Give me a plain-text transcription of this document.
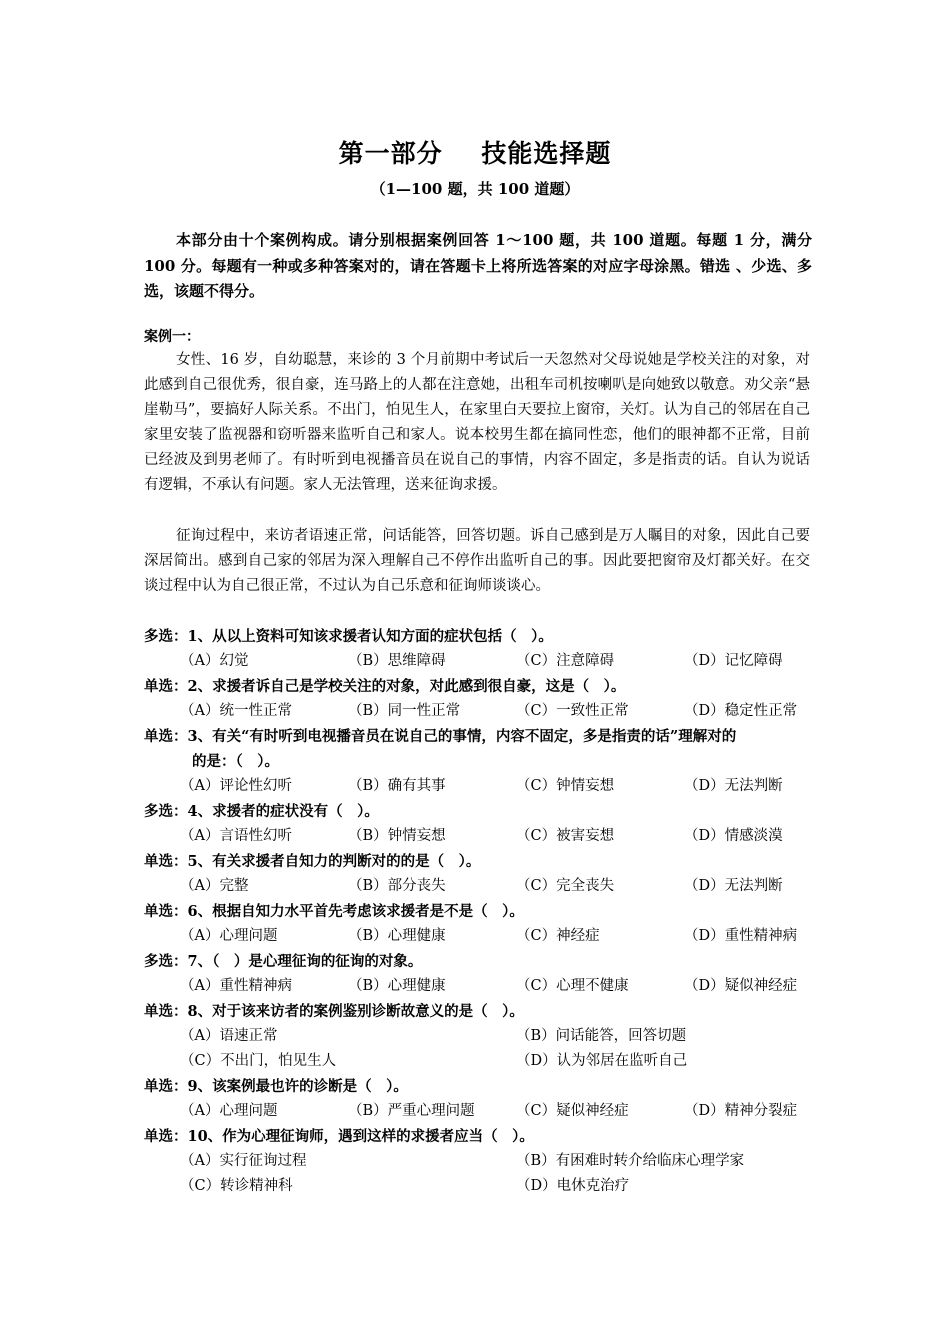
第一部分    技能选择题
（1—100 题，共 100 道题）
本部分由十个案例构成。请分别根据案例回答 1～100 题，共 100 道题。每题 1 分，满分 100 分。每题有一种或多种答案对的，请在答题卡上将所选答案的对应字母涂黑。错选 、少选、多选，该题不得分。
案例一：
女性、16 岁，自幼聪慧，来诊的 3 个月前期中考试后一天忽然对父母说她是学校关注的对象，对此感到自己很优秀，很自豪，连马路上的人都在注意她，出租车司机按喇叭是向她致以敬意。劝父亲“悬崖勒马”，要搞好人际关系。不出门，怕见生人，在家里白天要拉上窗帘，关灯。认为自己的邻居在自己家里安装了监视器和窃听器来监听自己和家人。说本校男生都在搞同性恋，他们的眼神都不正常，目前已经波及到男老师了。有时听到电视播音员在说自己的事情，内容不固定，多是指责的话。自认为说话有逻辑，不承认有问题。家人无法管理，送来征询求援。
征询过程中，来访者语速正常，问话能答，回答切题。诉自己感到是万人瞩目的对象，因此自己要深居简出。感到自己家的邻居为深入理解自己不停作出监听自己的事。因此要把窗帘及灯都关好。在交谈过程中认为自己很正常，不过认为自己乐意和征询师谈谈心。
多选：1、从以上资料可知该求援者认知方面的症状包括（　）。
（A）幻觉	（B）思维障碍	（C）注意障碍	（D）记忆障碍
单选：2、求援者诉自己是学校关注的对象，对此感到很自豪，这是（　）。
（A）统一性正常	（B）同一性正常	（C）一致性正常	（D）稳定性正常
单选：3、有关“有时听到电视播音员在说自己的事情，内容不固定，多是指责的话”理解对的
的是：（　）。
（A）评论性幻听	（B）确有其事	（C）钟情妄想	（D）无法判断
多选：4、求援者的症状没有（　）。
（A）言语性幻听	（B）钟情妄想	（C）被害妄想	（D）情感淡漠
单选：5、有关求援者自知力的判断对的的是（　）。
（A）完整	（B）部分丧失	（C）完全丧失	（D）无法判断
单选：6、根据自知力水平首先考虑该求援者是不是（　）。
（A）心理问题	（B）心理健康	（C）神经症	（D）重性精神病
多选：7、（　）是心理征询的征询的对象。
（A）重性精神病	（B）心理健康	（C）心理不健康	（D）疑似神经症
单选：8、对于该来访者的案例鉴别诊断故意义的是（　）。
（A）语速正常	（B）问话能答，回答切题
（C）不出门，怕见生人	（D）认为邻居在监听自己
单选：9、该案例最也许的诊断是（　）。
（A）心理问题	（B）严重心理问题	（C）疑似神经症	（D）精神分裂症
单选：10、作为心理征询师，遇到这样的求援者应当（　）。
（A）实行征询过程	（B）有困难时转介给临床心理学家
（C）转诊精神科	（D）电休克治疗
